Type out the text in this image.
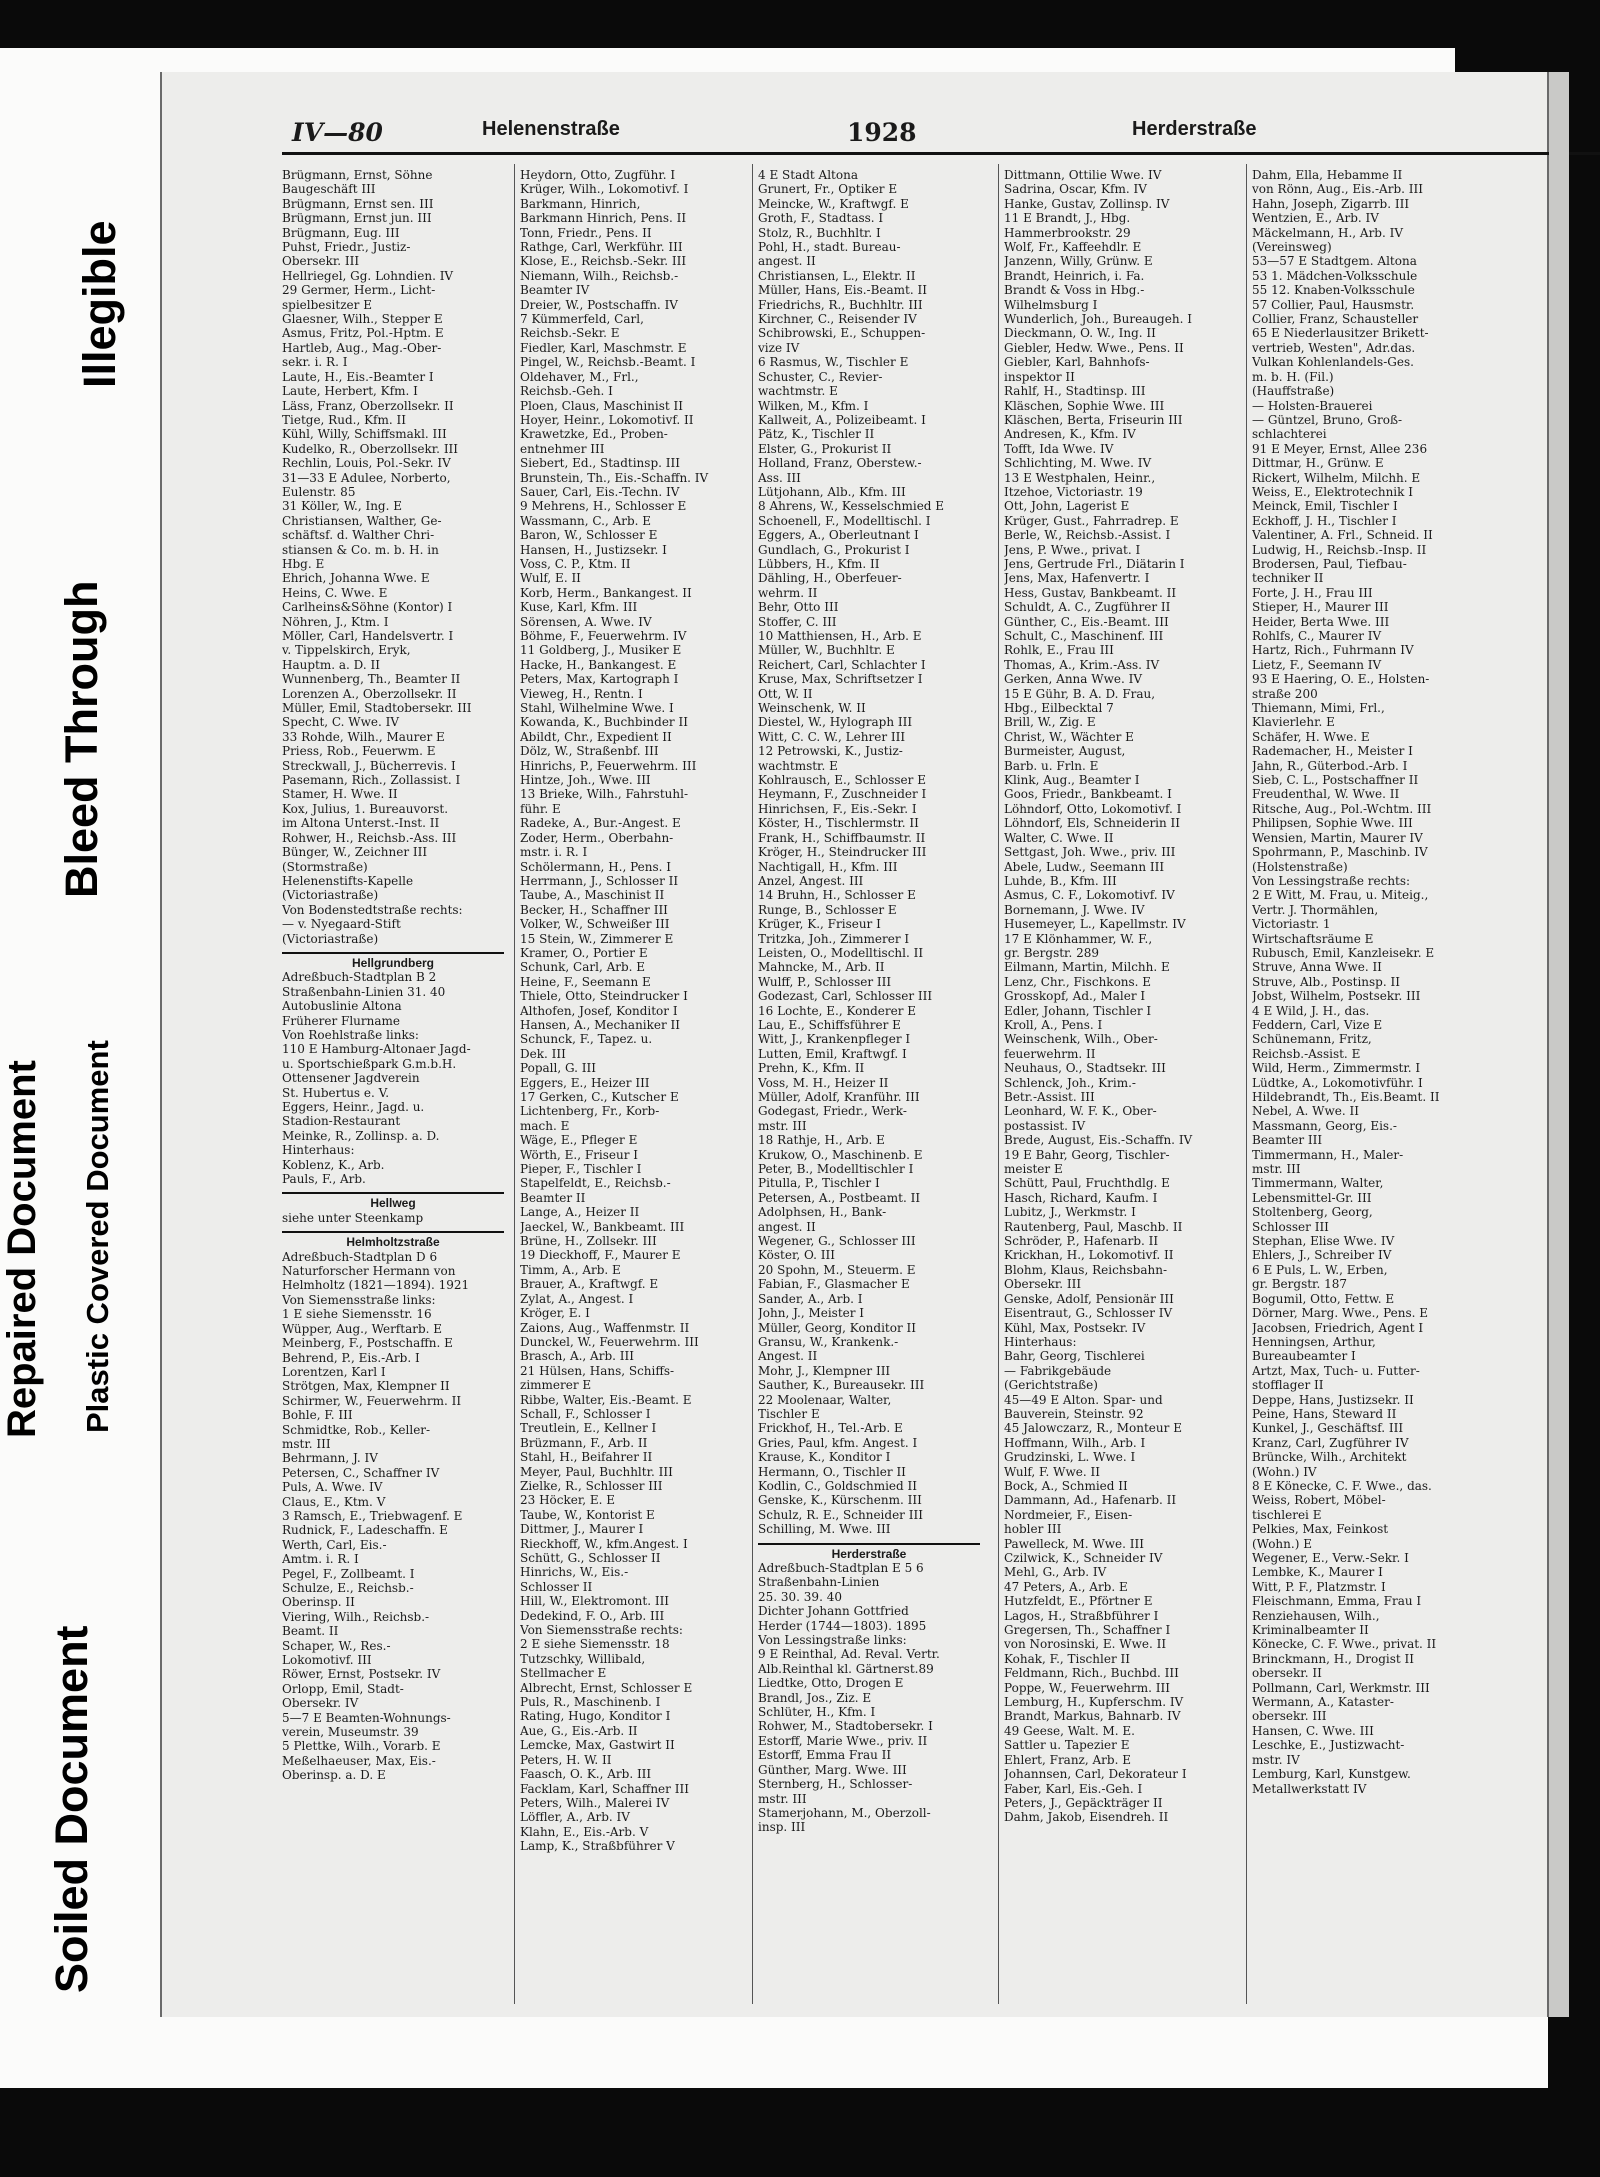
Soiled Document
Repaired Document Plastic Covered Document
Bleed Through
Illegible
IV—80	Helenenstraße	1928	Herderstraße
Brügmann, Ernst, Söhne
Baugeschäft III
Brügmann, Ernst sen. III
Brügmann, Ernst jun. III
Brügmann, Eug. III
Puhst, Friedr., Justiz-
Obersekr. III
Hellriegel, Gg. Lohndien. IV
29 Germer, Herm., Licht-
spielbesitzer E
Glaesner, Wilh., Stepper E
Asmus, Fritz, Pol.-Hptm. E
Hartleb, Aug., Mag.-Ober-
sekr. i. R. I
Laute, H., Eis.-Beamter I
Laute, Herbert, Kfm. I
Läss, Franz, Oberzollsekr. II
Tietge, Rud., Kfm. II
Kühl, Willy, Schiffsmakl. III
Kudelko, R., Oberzollsekr. III
Rechlin, Louis, Pol.-Sekr. IV
31—33 E Adulee, Norberto,
Eulenstr. 85
31 Köller, W., Ing. E
Christiansen, Walther, Ge-
schäftsf. d. Walther Chri-
stiansen & Co. m. b. H. in
Hbg. E
Ehrich, Johanna Wwe. E
Heins, C. Wwe. E
Carlheins&Söhne (Kontor) I
Nöhren, J., Ktm. I
Möller, Carl, Handelsvertr. I
v. Tippelskirch, Eryk,
Hauptm. a. D. II
Wunnenberg, Th., Beamter II
Lorenzen A., Oberzollsekr. II
Müller, Emil, Stadtobersekr. III
Specht, C. Wwe. IV
33 Rohde, Wilh., Maurer E
Priess, Rob., Feuerwm. E
Streckwall, J., Bücherrevis. I
Pasemann, Rich., Zollassist. I
Stamer, H. Wwe. II
Kox, Julius, 1. Bureauvorst.
im Altona Unterst.-Inst. II
Rohwer, H., Reichsb.-Ass. III
Bünger, W., Zeichner III
(Stormstraße)
Helenenstifts-Kapelle
(Victoriastraße)
Von Bodenstedtstraße rechts:
— v. Nyegaard-Stift
(Victoriastraße)
Hellgrundberg
Adreßbuch-Stadtplan B 2
Straßenbahn-Linien 31. 40
Autobuslinie Altona
Früherer Flurname
Von Roehlstraße links:
110 E Hamburg-Altonaer Jagd-
u. Sportschießpark G.m.b.H.
Ottensener Jagdverein
St. Hubertus e. V.
Eggers, Heinr., Jagd. u.
Stadion-Restaurant
Meinke, R., Zollinsp. a. D.
Hinterhaus:
Koblenz, K., Arb.
Pauls, F., Arb.
Hellweg
siehe unter Steenkamp
Helmholtzstraße
Adreßbuch-Stadtplan D 6
Naturforscher Hermann von
Helmholtz (1821—1894). 1921
Von Siemensstraße links:
1 E siehe Siemensstr. 16
Wüpper, Aug., Werftarb. E
Meinberg, F., Postschaffn. E
Behrend, P., Eis.-Arb. I
Lorentzen, Karl I
Strötgen, Max, Klempner II
Schirmer, W., Feuerwehrm. II
Bohle, F. III
Schmidtke, Rob., Keller-
mstr. III
Behrmann, J. IV
Petersen, C., Schaffner IV
Puls, A. Wwe. IV
Claus, E., Ktm. V
3 Ramsch, E., Triebwagenf. E
Rudnick, F., Ladeschaffn. E
Werth, Carl, Eis.-
Amtm. i. R. I
Pegel, F., Zollbeamt. I
Schulze, E., Reichsb.-
Oberinsp. II
Viering, Wilh., Reichsb.-
Beamt. II
Schaper, W., Res.-
Lokomotivf. III
Röwer, Ernst, Postsekr. IV
Orlopp, Emil, Stadt-
Obersekr. IV
5—7 E Beamten-Wohnungs-
verein, Museumstr. 39
5 Plettke, Wilh., Vorarb. E
Meßelhaeuser, Max, Eis.-
Oberinsp. a. D. E
Heydorn, Otto, Zugführ. I
Krüger, Wilh., Lokomotivf. I
Barkmann, Hinrich,
Barkmann Hinrich, Pens. II
Tonn, Friedr., Pens. II
Rathge, Carl, Werkführ. III
Klose, E., Reichsb.-Sekr. III
Niemann, Wilh., Reichsb.-
Beamter IV
Dreier, W., Postschaffn. IV
7 Kümmerfeld, Carl,
Reichsb.-Sekr. E
Fiedler, Karl, Maschmstr. E
Pingel, W., Reichsb.-Beamt. I
Oldehaver, M., Frl.,
Reichsb.-Geh. I
Ploen, Claus, Maschinist II
Hoyer, Heinr., Lokomotivf. II
Krawetzke, Ed., Proben-
entnehmer III
Siebert, Ed., Stadtinsp. III
Brunstein, Th., Eis.-Schaffn. IV
Sauer, Carl, Eis.-Techn. IV
9 Mehrens, H., Schlosser E
Wassmann, C., Arb. E
Baron, W., Schlosser E
Hansen, H., Justizsekr. I
Voss, C. P., Ktm. II
Wulf, E. II
Korb, Herm., Bankangest. II
Kuse, Karl, Kfm. III
Sörensen, A. Wwe. IV
Böhme, F., Feuerwehrm. IV
11 Goldberg, J., Musiker E
Hacke, H., Bankangest. E
Peters, Max, Kartograph I
Vieweg, H., Rentn. I
Stahl, Wilhelmine Wwe. I
Kowanda, K., Buchbinder II
Abildt, Chr., Expedient II
Dölz, W., Straßenbf. III
Hinrichs, P., Feuerwehrm. III
Hintze, Joh., Wwe. III
13 Brieke, Wilh., Fahrstuhl-
führ. E
Radeke, A., Bur.-Angest. E
Zoder, Herm., Oberbahn-
mstr. i. R. I
Schölermann, H., Pens. I
Herrmann, J., Schlosser II
Taube, A., Maschinist II
Becker, H., Schaffner III
Volker, W., Schweißer III
15 Stein, W., Zimmerer E
Kramer, O., Portier E
Schunk, Carl, Arb. E
Heine, F., Seemann E
Thiele, Otto, Steindrucker I
Althofen, Josef, Konditor I
Hansen, A., Mechaniker II
Schunck, F., Tapez. u.
Dek. III
Popall, G. III
Eggers, E., Heizer III
17 Gerken, C., Kutscher E
Lichtenberg, Fr., Korb-
mach. E
Wäge, E., Pfleger E
Wörth, E., Friseur I
Pieper, F., Tischler I
Stapelfeldt, E., Reichsb.-
Beamter II
Lange, A., Heizer II
Jaeckel, W., Bankbeamt. III
Brüne, H., Zollsekr. III
19 Dieckhoff, F., Maurer E
Timm, A., Arb. E
Brauer, A., Kraftwgf. E
Zylat, A., Angest. I
Kröger, E. I
Zaions, Aug., Waffenmstr. II
Dunckel, W., Feuerwehrm. III
Brasch, A., Arb. III
21 Hülsen, Hans, Schiffs-
zimmerer E
Ribbe, Walter, Eis.-Beamt. E
Schall, F., Schlosser I
Treutlein, E., Kellner I
Brüzmann, F., Arb. II
Stahl, H., Beifahrer II
Meyer, Paul, Buchhltr. III
Zielke, R., Schlosser III
23 Höcker, E. E
Taube, W., Kontorist E
Dittmer, J., Maurer I
Rieckhoff, W., kfm.Angest. I
Schütt, G., Schlosser II
Hinrichs, W., Eis.-
Schlosser II
Hill, W., Elektromont. III
Dedekind, F. O., Arb. III
Von Siemensstraße rechts:
2 E siehe Siemensstr. 18
Tutzschky, Willibald,
Stellmacher E
Albrecht, Ernst, Schlosser E
Puls, R., Maschinenb. I
Rating, Hugo, Konditor I
Aue, G., Eis.-Arb. II
Lemcke, Max, Gastwirt II
Peters, H. W. II
Faasch, O. K., Arb. III
Facklam, Karl, Schaffner III
Peters, Wilh., Malerei IV
Löffler, A., Arb. IV
Klahn, E., Eis.-Arb. V
Lamp, K., Straßbführer V
4 E Stadt Altona
Grunert, Fr., Optiker E
Meincke, W., Kraftwgf. E
Groth, F., Stadtass. I
Stolz, R., Buchhltr. I
Pohl, H., stadt. Bureau-
angest. II
Christiansen, L., Elektr. II
Müller, Hans, Eis.-Beamt. II
Friedrichs, R., Buchhltr. III
Kirchner, C., Reisender IV
Schibrowski, E., Schuppen-
vize IV
6 Rasmus, W., Tischler E
Schuster, C., Revier-
wachtmstr. E
Wilken, M., Kfm. I
Kallweit, A., Polizeibeamt. I
Pätz, K., Tischler II
Elster, G., Prokurist II
Holland, Franz, Oberstew.-
Ass. III
Lütjohann, Alb., Kfm. III
8 Ahrens, W., Kesselschmied E
Schoenell, F., Modelltischl. I
Eggers, A., Oberleutnant I
Gundlach, G., Prokurist I
Lübbers, H., Kfm. II
Dähling, H., Oberfeuer-
wehrm. II
Behr, Otto III
Stoffer, C. III
10 Matthiensen, H., Arb. E
Müller, W., Buchhltr. E
Reichert, Carl, Schlachter I
Kruse, Max, Schriftsetzer I
Ott, W. II
Weinschenk, W. II
Diestel, W., Hylograph III
Witt, C. C. W., Lehrer III
12 Petrowski, K., Justiz-
wachtmstr. E
Kohlrausch, E., Schlosser E
Heymann, F., Zuschneider I
Hinrichsen, F., Eis.-Sekr. I
Köster, H., Tischlermstr. II
Frank, H., Schiffbaumstr. II
Kröger, H., Steindrucker III
Nachtigall, H., Kfm. III
Anzel, Angest. III
14 Bruhn, H., Schlosser E
Runge, B., Schlosser E
Krüger, K., Friseur I
Tritzka, Joh., Zimmerer I
Leisten, O., Modelltischl. II
Mahncke, M., Arb. II
Wulff, P., Schlosser III
Godezast, Carl, Schlosser III
16 Lochte, E., Konderer E
Lau, E., Schiffsführer E
Witt, J., Krankenpfleger I
Lutten, Emil, Kraftwgf. I
Prehn, K., Kfm. II
Voss, M. H., Heizer II
Müller, Adolf, Kranführ. III
Godegast, Friedr., Werk-
mstr. III
18 Rathje, H., Arb. E
Krukow, O., Maschinenb. E
Peter, B., Modelltischler I
Pitulla, P., Tischler I
Petersen, A., Postbeamt. II
Adolphsen, H., Bank-
angest. II
Wegener, G., Schlosser III
Köster, O. III
20 Spohn, M., Steuerm. E
Fabian, F., Glasmacher E
Sander, A., Arb. I
John, J., Meister I
Müller, Georg, Konditor II
Gransu, W., Krankenk.-
Angest. II
Mohr, J., Klempner III
Sauther, K., Bureausekr. III
22 Moolenaar, Walter,
Tischler E
Frickhof, H., Tel.-Arb. E
Gries, Paul, kfm. Angest. I
Krause, K., Konditor I
Hermann, O., Tischler II
Kodlin, C., Goldschmied II
Genske, K., Kürschenm. III
Schulz, R. E., Schneider III
Schilling, M. Wwe. III
Herderstraße
Adreßbuch-Stadtplan E 5 6
Straßenbahn-Linien
25. 30. 39. 40
Dichter Johann Gottfried
Herder (1744—1803). 1895
Von Lessingstraße links:
9 E Reinthal, Ad. Reval. Vertr.
Alb.Reinthal kl. Gärtnerst.89
Liedtke, Otto, Drogen E
Brandl, Jos., Ziz. E
Schlüter, H., Kfm. I
Rohwer, M., Stadtobersekr. I
Estorff, Marie Wwe., priv. II
Estorff, Emma Frau II
Günther, Marg. Wwe. III
Sternberg, H., Schlosser-
mstr. III
Stamerjohann, M., Oberzoll-
insp. III
Dittmann, Ottilie Wwe. IV
Sadrina, Oscar, Kfm. IV
Hanke, Gustav, Zollinsp. IV
11 E Brandt, J., Hbg.
Hammerbrookstr. 29
Wolf, Fr., Kaffeehdlr. E
Janzenn, Willy, Grünw. E
Brandt, Heinrich, i. Fa.
Brandt & Voss in Hbg.-
Wilhelmsburg I
Wunderlich, Joh., Bureaugeh. I
Dieckmann, O. W., Ing. II
Giebler, Hedw. Wwe., Pens. II
Giebler, Karl, Bahnhofs-
inspektor II
Rahlf, H., Stadtinsp. III
Kläschen, Sophie Wwe. III
Kläschen, Berta, Friseurin III
Andresen, K., Kfm. IV
Tofft, Ida Wwe. IV
Schlichting, M. Wwe. IV
13 E Westphalen, Heinr.,
Itzehoe, Victoriastr. 19
Ott, John, Lagerist E
Krüger, Gust., Fahrradrep. E
Berle, W., Reichsb.-Assist. I
Jens, P. Wwe., privat. I
Jens, Gertrude Frl., Diätarin I
Jens, Max, Hafenvertr. I
Hess, Gustav, Bankbeamt. II
Schuldt, A. C., Zugführer II
Günther, C., Eis.-Beamt. III
Schult, C., Maschinenf. III
Rohlk, E., Frau III
Thomas, A., Krim.-Ass. IV
Gerken, Anna Wwe. IV
15 E Gühr, B. A. D. Frau,
Hbg., Eilbecktal 7
Brill, W., Zig. E
Christ, W., Wächter E
Burmeister, August,
Barb. u. Frln. E
Klink, Aug., Beamter I
Goos, Friedr., Bankbeamt. I
Löhndorf, Otto, Lokomotivf. I
Löhndorf, Els, Schneiderin II
Walter, C. Wwe. II
Settgast, Joh. Wwe., priv. III
Abele, Ludw., Seemann III
Luhde, B., Kfm. III
Asmus, C. F., Lokomotivf. IV
Bornemann, J. Wwe. IV
Husemeyer, L., Kapellmstr. IV
17 E Klönhammer, W. F.,
gr. Bergstr. 289
Eilmann, Martin, Milchh. E
Lenz, Chr., Fischkons. E
Grosskopf, Ad., Maler I
Edler, Johann, Tischler I
Kroll, A., Pens. I
Weinschenk, Wilh., Ober-
feuerwehrm. II
Neuhaus, O., Stadtsekr. III
Schlenck, Joh., Krim.-
Betr.-Assist. III
Leonhard, W. F. K., Ober-
postassist. IV
Brede, August, Eis.-Schaffn. IV
19 E Bahr, Georg, Tischler-
meister E
Schütt, Paul, Fruchthdlg. E
Hasch, Richard, Kaufm. I
Lubitz, J., Werkmstr. I
Rautenberg, Paul, Maschb. II
Schröder, P., Hafenarb. II
Krickhan, H., Lokomotivf. II
Blohm, Klaus, Reichsbahn-
Obersekr. III
Genske, Adolf, Pensionär III
Eisentraut, G., Schlosser IV
Kühl, Max, Postsekr. IV
Hinterhaus:
Bahr, Georg, Tischlerei
— Fabrikgebäude
(Gerichtstraße)
45—49 E Alton. Spar- und
Bauverein, Steinstr. 92
45 Jalowczarz, R., Monteur E
Hoffmann, Wilh., Arb. I
Grudzinski, L. Wwe. I
Wulf, F. Wwe. II
Bock, A., Schmied II
Dammann, Ad., Hafenarb. II
Nordmeier, F., Eisen-
hobler III
Pawelleck, M. Wwe. III
Czilwick, K., Schneider IV
Mehl, G., Arb. IV
47 Peters, A., Arb. E
Hutzfeldt, E., Pförtner E
Lagos, H., Straßbführer I
Gregersen, Th., Schaffner I
von Norosinski, E. Wwe. II
Kohak, F., Tischler II
Feldmann, Rich., Buchbd. III
Poppe, W., Feuerwehrm. III
Lemburg, H., Kupferschm. IV
Brandt, Markus, Bahnarb. IV
49 Geese, Walt. M. E.
Sattler u. Tapezier E
Ehlert, Franz, Arb. E
Johannsen, Carl, Dekorateur I
Faber, Karl, Eis.-Geh. I
Peters, J., Gepäckträger II
Dahm, Jakob, Eisendreh. II
Dahm, Ella, Hebamme II
von Rönn, Aug., Eis.-Arb. III
Hahn, Joseph, Zigarrb. III
Wentzien, E., Arb. IV
Mäckelmann, H., Arb. IV
(Vereinsweg)
53—57 E Stadtgem. Altona
53 1. Mädchen-Volksschule
55 12. Knaben-Volksschule
57 Collier, Paul, Hausmstr.
Collier, Franz, Schausteller
65 E Niederlausitzer Brikett-
vertrieb, Westen", Adr.das.
Vulkan Kohlenlandels-Ges.
m. b. H. (Fil.)
(Hauffstraße)
— Holsten-Brauerei
— Güntzel, Bruno, Groß-
schlachterei
91 E Meyer, Ernst, Allee 236
Dittmar, H., Grünw. E
Rickert, Wilhelm, Milchh. E
Weiss, E., Elektrotechnik I
Meinck, Emil, Tischler I
Eckhoff, J. H., Tischler I
Valentiner, A. Frl., Schneid. II
Ludwig, H., Reichsb.-Insp. II
Brodersen, Paul, Tiefbau-
techniker II
Forte, J. H., Frau III
Stieper, H., Maurer III
Heider, Berta Wwe. III
Rohlfs, C., Maurer IV
Hartz, Rich., Fuhrmann IV
Lietz, F., Seemann IV
93 E Haering, O. E., Holsten-
straße 200
Thiemann, Mimi, Frl.,
Klavierlehr. E
Schäfer, H. Wwe. E
Rademacher, H., Meister I
Jahn, R., Güterbod.-Arb. I
Sieb, C. L., Postschaffner II
Freudenthal, W. Wwe. II
Ritsche, Aug., Pol.-Wchtm. III
Philipsen, Sophie Wwe. III
Wensien, Martin, Maurer IV
Spohrmann, P., Maschinb. IV
(Holstenstraße)
Von Lessingstraße rechts:
2 E Witt, M. Frau, u. Miteig.,
Vertr. J. Thormählen,
Victoriastr. 1
Wirtschaftsräume E
Rubusch, Emil, Kanzleisekr. E
Struve, Anna Wwe. II
Struve, Alb., Postinsp. II
Jobst, Wilhelm, Postsekr. III
4 E Wild, J. H., das.
Feddern, Carl, Vize E
Schünemann, Fritz,
Reichsb.-Assist. E
Wild, Herm., Zimmermstr. I
Lüdtke, A., Lokomotivführ. I
Hildebrandt, Th., Eis.Beamt. II
Nebel, A. Wwe. II
Massmann, Georg, Eis.-
Beamter III
Timmermann, H., Maler-
mstr. III
Timmermann, Walter,
Lebensmittel-Gr. III
Stoltenberg, Georg,
Schlosser III
Stephan, Elise Wwe. IV
Ehlers, J., Schreiber IV
6 E Puls, L. W., Erben,
gr. Bergstr. 187
Bogumil, Otto, Fettw. E
Dörner, Marg. Wwe., Pens. E
Jacobsen, Friedrich, Agent I
Henningsen, Arthur,
Bureaubeamter I
Artzt, Max, Tuch- u. Futter-
stofflager II
Deppe, Hans, Justizsekr. II
Peine, Hans, Steward II
Kunkel, J., Geschäftsf. III
Kranz, Carl, Zugführer IV
Brüncke, Wilh., Architekt
(Wohn.) IV
8 E Könecke, C. F. Wwe., das.
Weiss, Robert, Möbel-
tischlerei E
Pelkies, Max, Feinkost
(Wohn.) E
Wegener, E., Verw.-Sekr. I
Lembke, K., Maurer I
Witt, P. F., Platzmstr. I
Fleischmann, Emma, Frau I
Renziehausen, Wilh.,
Kriminalbeamter II
Könecke, C. F. Wwe., privat. II
Brinckmann, H., Drogist II
obersekr. II
Pollmann, Carl, Werkmstr. III
Wermann, A., Kataster-
obersekr. III
Hansen, C. Wwe. III
Leschke, E., Justizwacht-
mstr. IV
Lemburg, Karl, Kunstgew.
Metallwerkstatt IV
